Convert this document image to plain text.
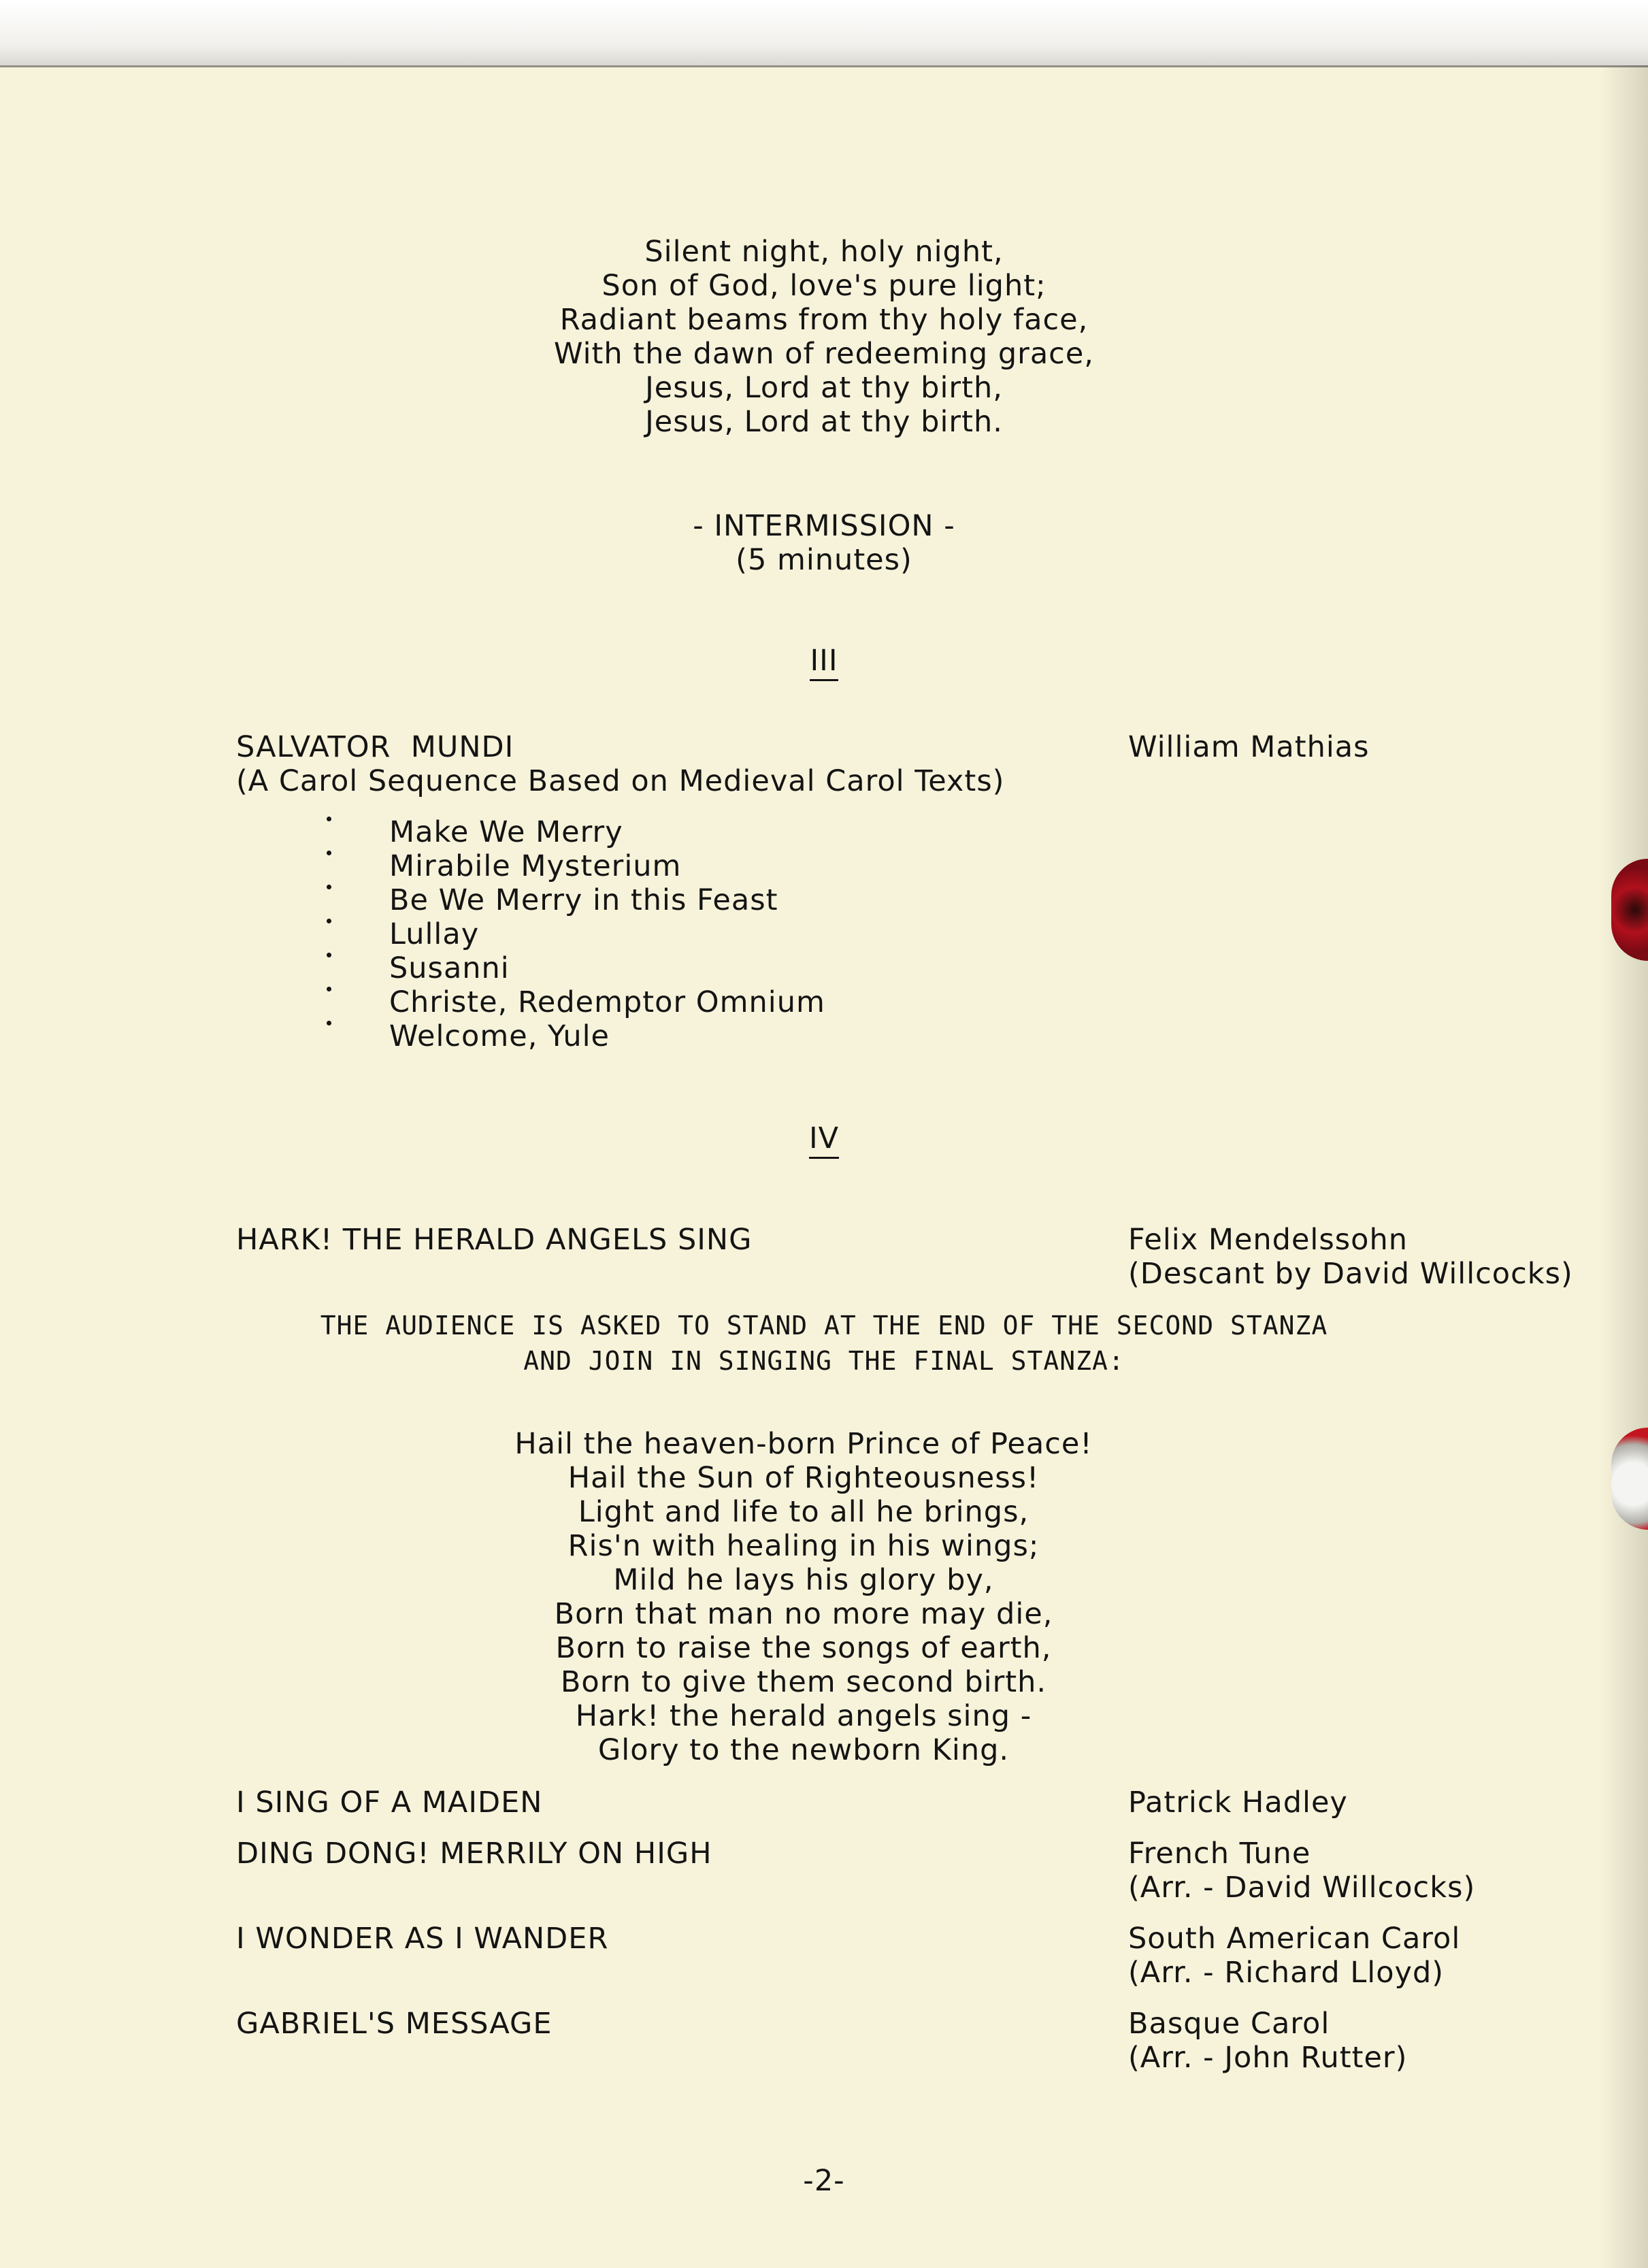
Silent night, holy night,
Son of God, love's pure light;
Radiant beams from thy holy face,
With the dawn of redeeming grace,
Jesus, Lord at thy birth,
Jesus, Lord at thy birth.
- INTERMISSION -
(5 minutes)
III
SALVATOR  MUNDI	William Mathias
(A Carol Sequence Based on Medieval Carol Texts)
Make We Merry
Mirabile Mysterium
Be We Merry in this Feast
Lullay
Susanni
Christe, Redemptor Omnium
Welcome, Yule
IV
HARK! THE HERALD ANGELS SING	Felix Mendelssohn
(Descant by David Willcocks)
THE AUDIENCE IS ASKED TO STAND AT THE END OF THE SECOND STANZA
AND JOIN IN SINGING THE FINAL STANZA:
Hail the heaven-born Prince of Peace!
Hail the Sun of Righteousness!
Light and life to all he brings,
Ris'n with healing in his wings;
Mild he lays his glory by,
Born that man no more may die,
Born to raise the songs of earth,
Born to give them second birth.
Hark! the herald angels sing -
Glory to the newborn King.
I SING OF A MAIDEN	Patrick Hadley
DING DONG! MERRILY ON HIGH	French Tune
(Arr. - David Willcocks)
I WONDER AS I WANDER	South American Carol
(Arr. - Richard Lloyd)
GABRIEL'S MESSAGE	Basque Carol
(Arr. - John Rutter)
-2-
